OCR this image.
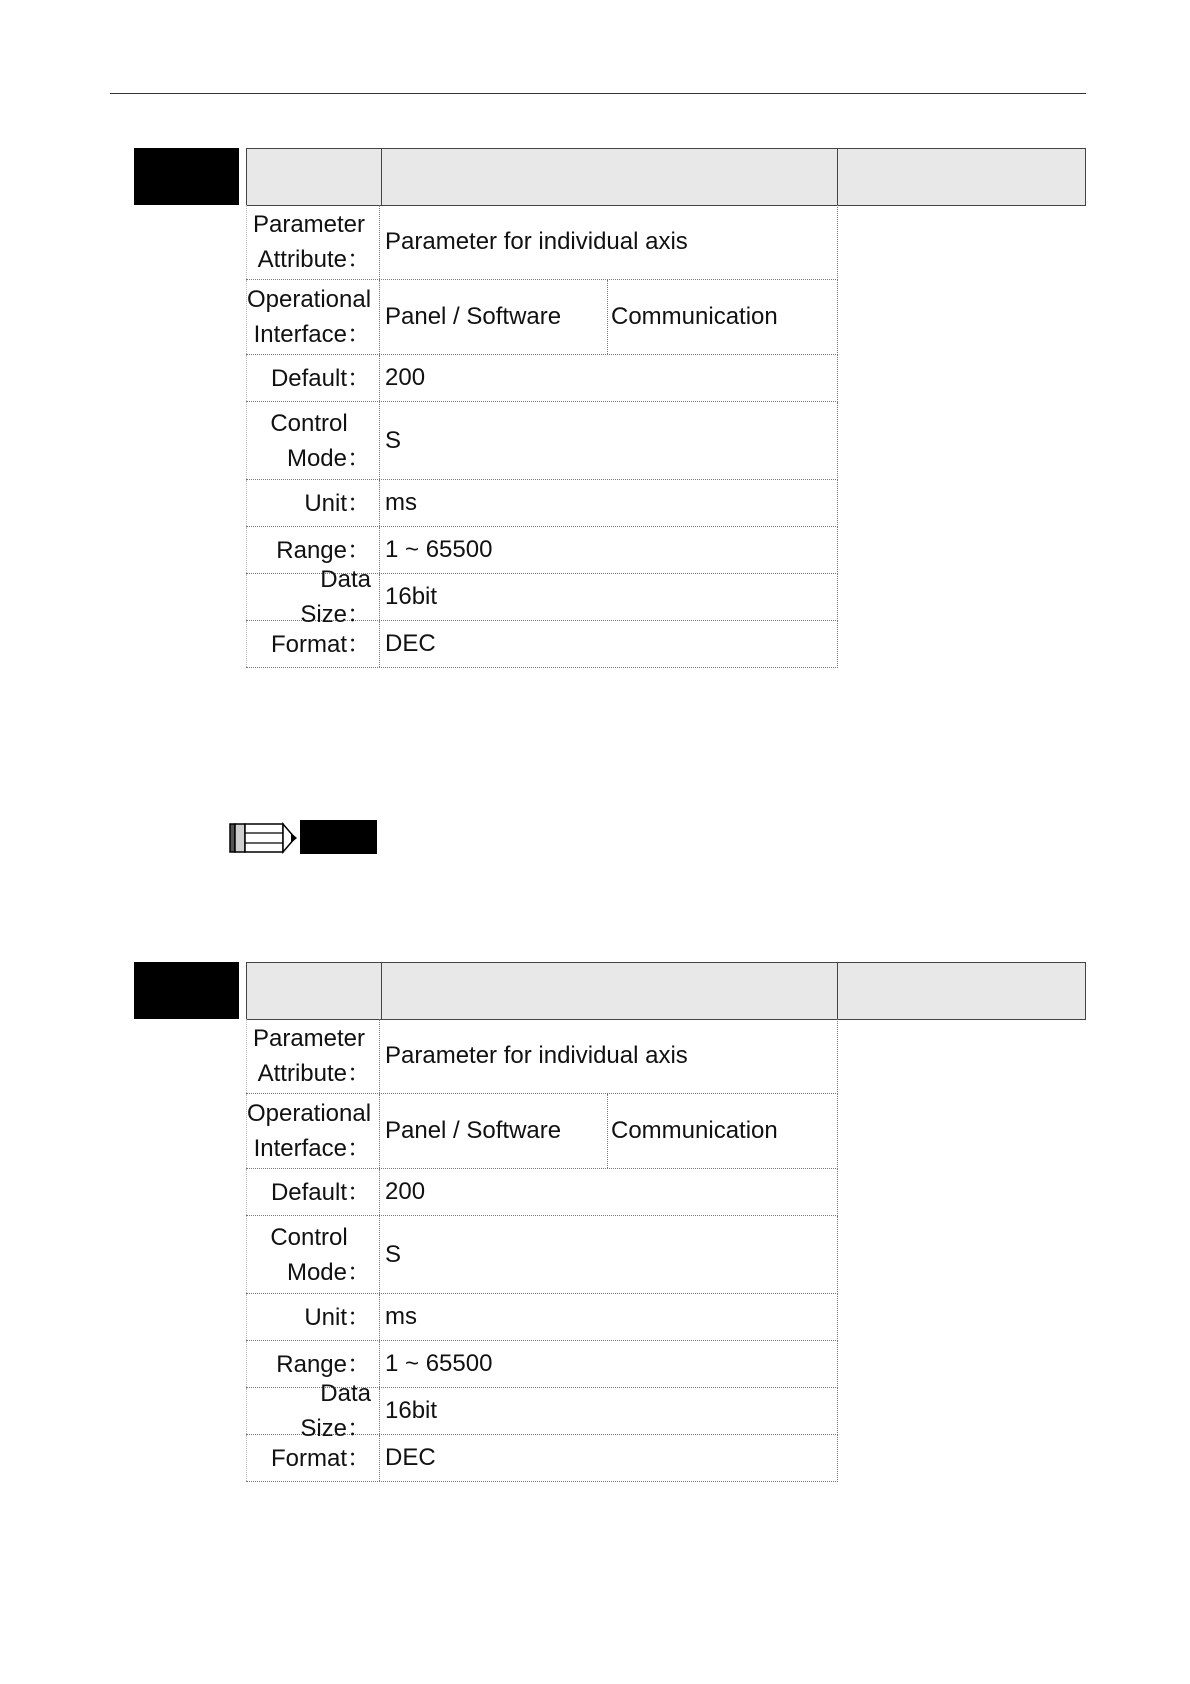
Parameter
Attribute：
Parameter for individual axis
Operational
Interface：
Panel / Software	Communication
Default： 200
Control
Mode：
S
Unit： ms
Range： 1 ~ 65500
Data Size：
16bit
Format： DEC
Parameter
Attribute：
Parameter for individual axis
Operational
Interface：
Panel / Software	Communication
Default： 200
Control
Mode：
S
Unit： ms
Range： 1 ~ 65500
Data Size：
16bit
Format： DEC
